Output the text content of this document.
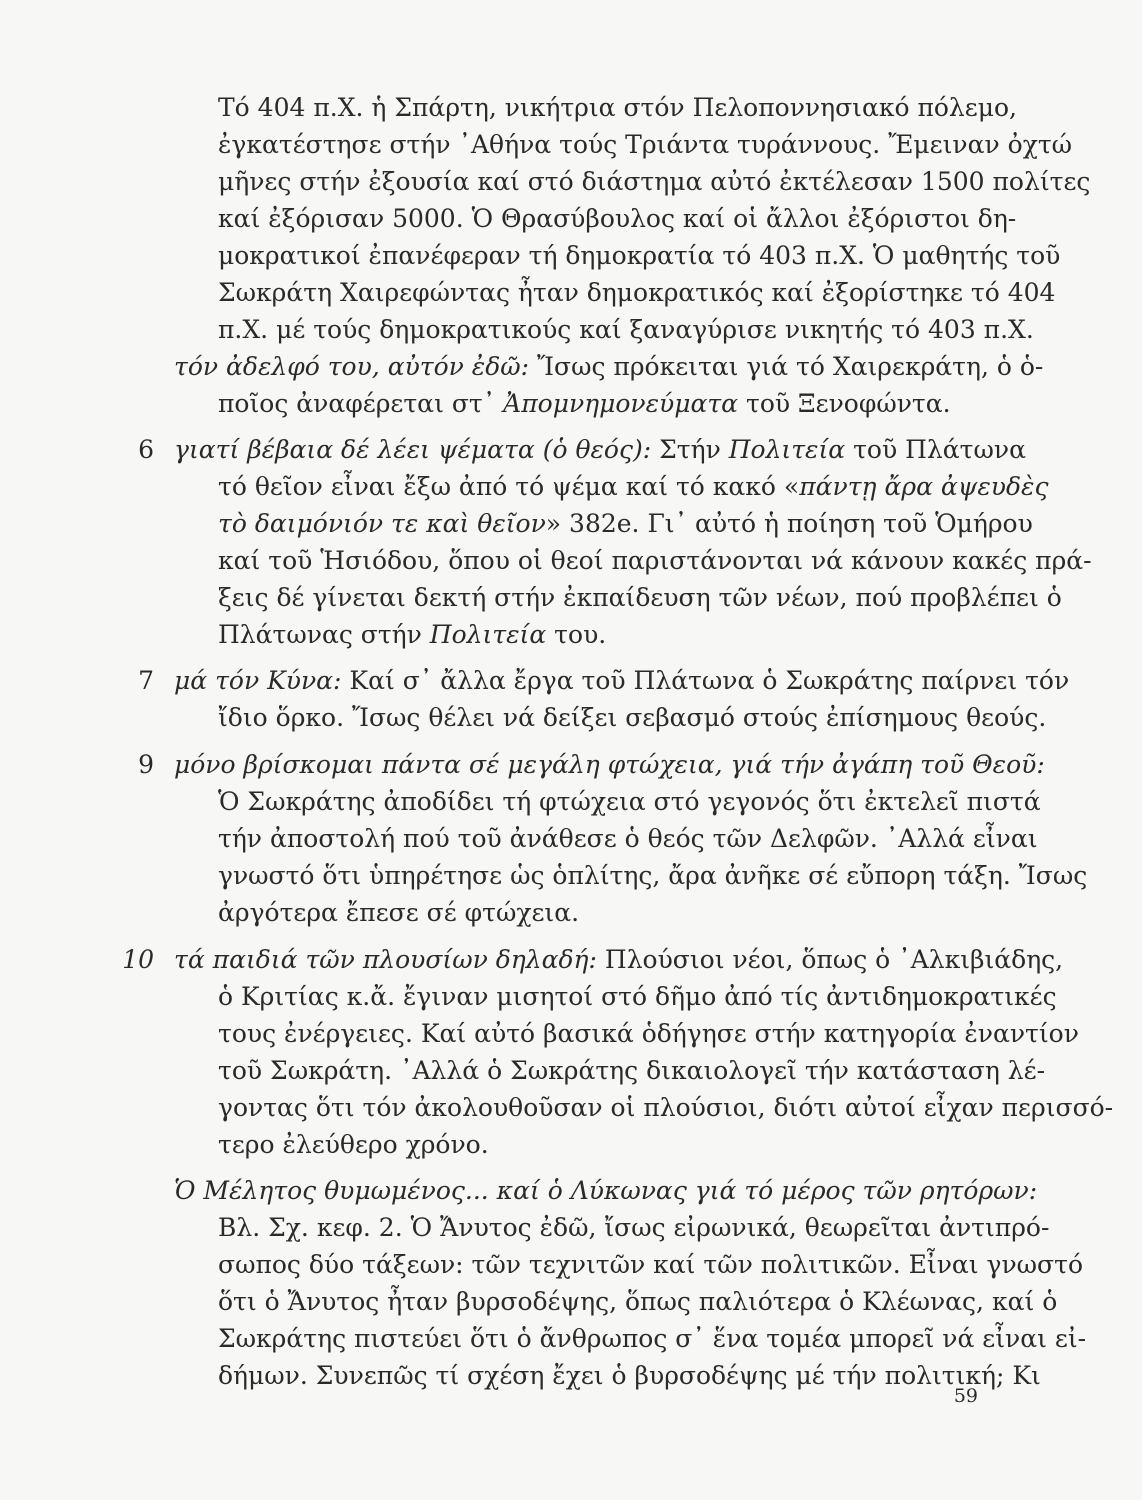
Τό 404 π.Χ. ἡ Σπάρτη, νικήτρια στόν Πελοποννησιακό πόλεμο,
ἐγκατέστησε στήν ᾿Αθήνα τούς Τριάντα τυράννους. Ἔμειναν ὀχτώ
μῆνες στήν ἐξουσία καί στό διάστημα αὐτό ἐκτέλεσαν 1500 πολίτες
καί ἐξόρισαν 5000. Ὁ Θρασύβουλος καί οἱ ἄλλοι ἐξόριστοι δη-
μοκρατικοί ἐπανέφεραν τή δημοκρατία τό 403 π.Χ. Ὁ μαθητής τοῦ
Σωκράτη Χαιρεφώντας ἦταν δημοκρατικός καί ἐξορίστηκε τό 404
π.Χ. μέ τούς δημοκρατικούς καί ξαναγύρισε νικητής τό 403 π.Χ.
τόν ἀδελφό του, αὐτόν ἐδῶ: Ἴσως πρόκειται γιά τό Χαιρεκράτη, ὁ ὁ-
ποῖος ἀναφέρεται στ᾿ Ἀπομνημονεύματα τοῦ Ξενοφώντα.
6 γιατί βέβαια δέ λέει ψέματα (ὁ θεός): Στήν Πολιτεία τοῦ Πλάτωνα
τό θεῖον εἶναι ἔξω ἀπό τό ψέμα καί τό κακό «πάντῃ ἄρα ἀψευδὲς
τὸ δαιμόνιόν τε καὶ θεῖον» 382e. Γι᾿ αὐτό ἡ ποίηση τοῦ Ὁμήρου
καί τοῦ Ἡσιόδου, ὅπου οἱ θεοί παριστάνονται νά κάνουν κακές πρά-
ξεις δέ γίνεται δεκτή στήν ἐκπαίδευση τῶν νέων, πού προβλέπει ὁ
Πλάτωνας στήν Πολιτεία του.
7 μά τόν Κύνα: Καί σ᾿ ἄλλα ἔργα τοῦ Πλάτωνα ὁ Σωκράτης παίρνει τόν
ἴδιο ὅρκο. Ἴσως θέλει νά δείξει σεβασμό στούς ἐπίσημους θεούς.
9 μόνο βρίσκομαι πάντα σέ μεγάλη φτώχεια, γιά τήν ἀγάπη τοῦ Θεοῦ:
Ὁ Σωκράτης ἀποδίδει τή φτώχεια στό γεγονός ὅτι ἐκτελεῖ πιστά
τήν ἀποστολή πού τοῦ ἀνάθεσε ὁ θεός τῶν Δελφῶν. ᾿Αλλά εἶναι
γνωστό ὅτι ὑπηρέτησε ὡς ὁπλίτης, ἄρα ἀνῆκε σέ εὔπορη τάξη. Ἴσως
ἀργότερα ἔπεσε σέ φτώχεια.
10 τά παιδιά τῶν πλουσίων δηλαδή: Πλούσιοι νέοι, ὅπως ὁ ᾿Αλκιβιάδης,
ὁ Κριτίας κ.ἄ. ἔγιναν μισητοί στό δῆμο ἀπό τίς ἀντιδημοκρατικές
τους ἐνέργειες. Καί αὐτό βασικά ὁδήγησε στήν κατηγορία ἐναντίον
τοῦ Σωκράτη. ᾿Αλλά ὁ Σωκράτης δικαιολογεῖ τήν κατάσταση λέ-
γοντας ὅτι τόν ἀκολουθοῦσαν οἱ πλούσιοι, διότι αὐτοί εἶχαν περισσό-
τερο ἐλεύθερο χρόνο.
Ὁ Μέλητος θυμωμένος... καί ὁ Λύκωνας γιά τό μέρος τῶν ρητόρων:
Βλ. Σχ. κεφ. 2. Ὁ Ἄνυτος ἐδῶ, ἴσως εἰρωνικά, θεωρεῖται ἀντιπρό-
σωπος δύο τάξεων: τῶν τεχνιτῶν καί τῶν πολιτικῶν. Εἶναι γνωστό
ὅτι ὁ Ἄνυτος ἦταν βυρσοδέψης, ὅπως παλιότερα ὁ Κλέωνας, καί ὁ
Σωκράτης πιστεύει ὅτι ὁ ἄνθρωπος σ᾿ ἕνα τομέα μπορεῖ νά εἶναι εἰ-
δήμων. Συνεπῶς τί σχέση ἔχει ὁ βυρσοδέψης μέ τήν πολιτική; Κι
59
